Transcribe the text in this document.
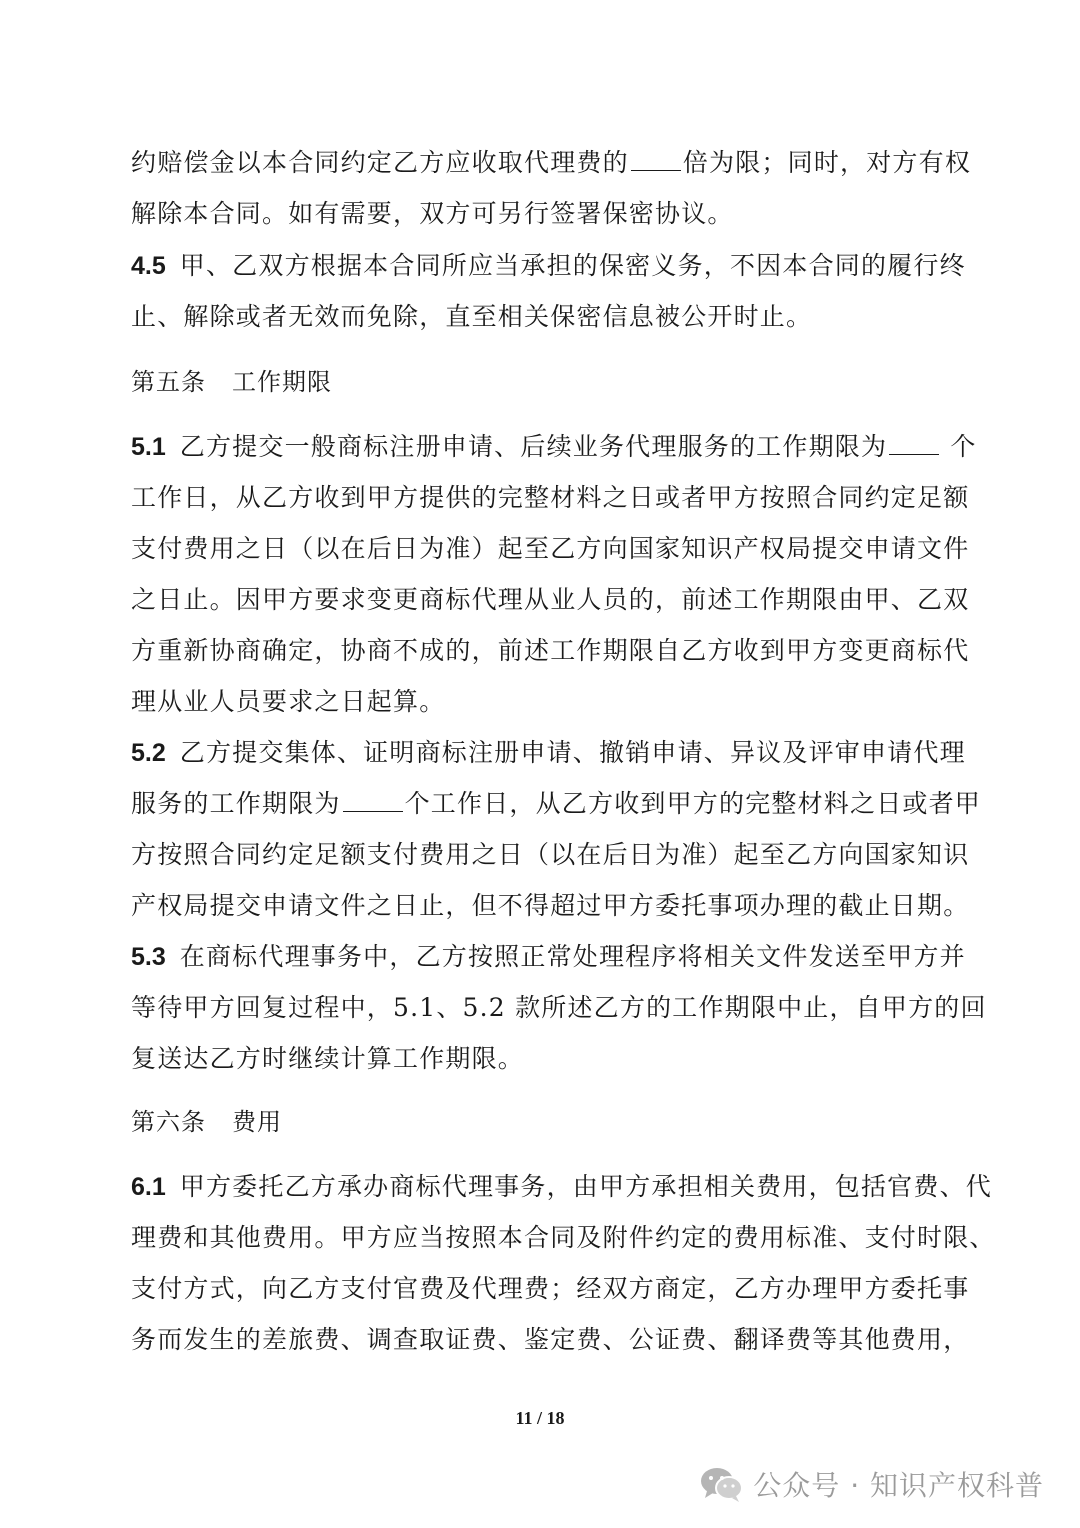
约赔偿金以本合同约定乙方应收取代理费的 倍为限；同时，对方有权
解除本合同。如有需要，双方可另行签署保密协议。
4.5 甲、乙双方根据本合同所应当承担的保密义务，不因本合同的履行终
止、解除或者无效而免除，直至相关保密信息被公开时止。
第五条 工作期限
5.1 乙方提交一般商标注册申请、后续业务代理服务的工作期限为 个
工作日，从乙方收到甲方提供的完整材料之日或者甲方按照合同约定足额
支付费用之日（以在后日为准）起至乙方向国家知识产权局提交申请文件
之日止。因甲方要求变更商标代理从业人员的，前述工作期限由甲、乙双
方重新协商确定，协商不成的，前述工作期限自乙方收到甲方变更商标代
理从业人员要求之日起算。
5.2 乙方提交集体、证明商标注册申请、撤销申请、异议及评审申请代理
服务的工作期限为	个工作日，从乙方收到甲方的完整材料之日或者甲
方按照合同约定足额支付费用之日（以在后日为准）起至乙方向国家知识
产权局提交申请文件之日止，但不得超过甲方委托事项办理的截止日期。
5.3 在商标代理事务中，乙方按照正常处理程序将相关文件发送至甲方并
等待甲方回复过程中，5.1、5.2 款所述乙方的工作期限中止，自甲方的回
复送达乙方时继续计算工作期限。
第六条 费用
6.1 甲方委托乙方承办商标代理事务，由甲方承担相关费用，包括官费、代
理费和其他费用。甲方应当按照本合同及附件约定的费用标准、支付时限、
支付方式，向乙方支付官费及代理费；经双方商定，乙方办理甲方委托事
务而发生的差旅费、调查取证费、鉴定费、公证费、翻译费等其他费用，
11 / 18
公众号 · 知识产权科普
